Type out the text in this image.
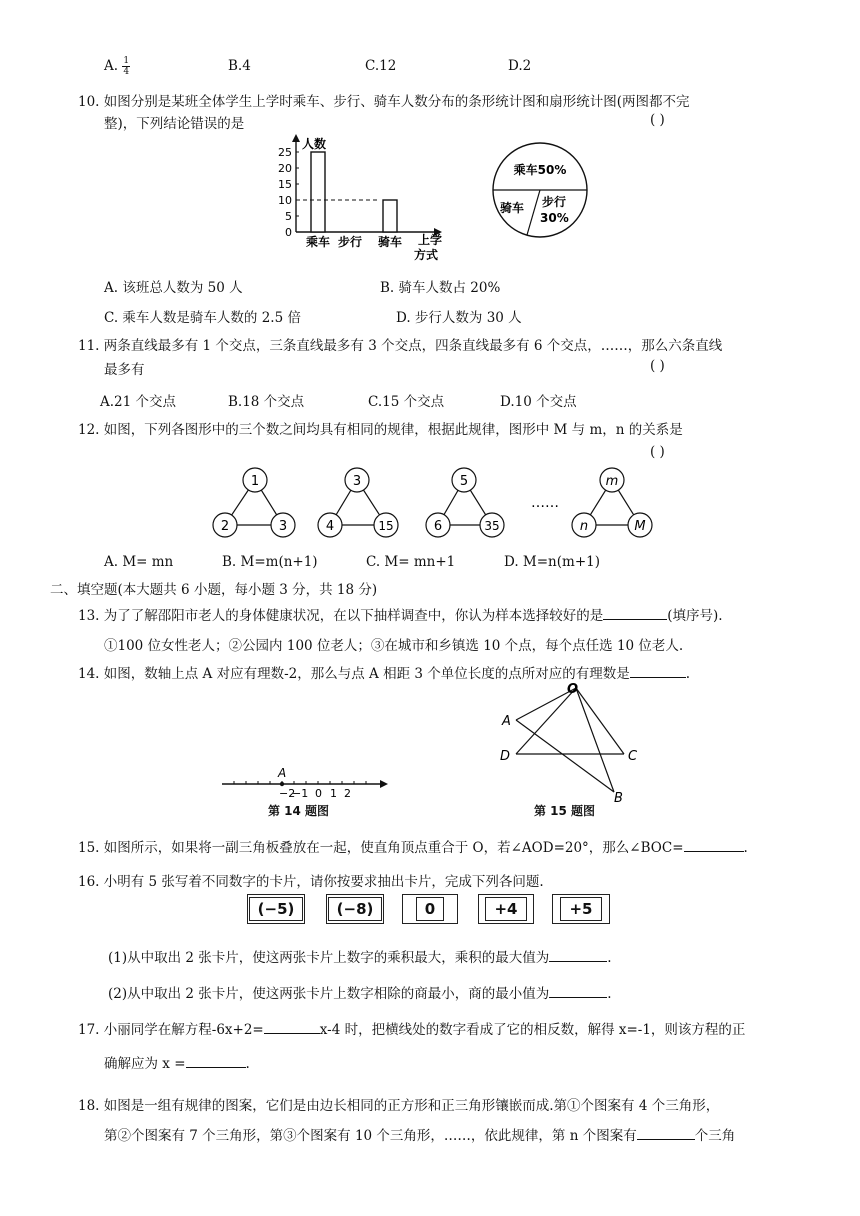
A. $\frac{1}{4}$	B.4	C.12	D.2
10. 如图分别是某班全体学生上学时乘车、步行、骑车人数分布的条形统计图和扇形统计图(两图都不完
整)，下列结论错误的是	( )
人数
0
5
10
15
20
25
乘车 步行 骑车 上学
方式
乘车50%
骑车 步行
30%
A. 该班总人数为 50 人	B. 骑车人数占 20%
C. 乘车人数是骑车人数的 2.5 倍	D. 步行人数为 30 人
11. 两条直线最多有 1 个交点，三条直线最多有 3 个交点，四条直线最多有 6 个交点，……，那么六条直线
最多有	( )
A.21 个交点	B.18 个交点	C.15 个交点	D.10 个交点
12. 如图，下列各图形中的三个数之间均具有相同的规律，根据此规律，图形中 M 与 m，n 的关系是
( )
1
2	3
3
4	15
5
6	35
……
m
n	M
A. M= mn	B. M=m(n+1)	C. M= mn+1	D. M=n(m+1)
二、填空题(本大题共 6 小题，每小题 3 分，共 18 分)
13. 为了了解邵阳市老人的身体健康状况，在以下抽样调查中，你认为样本选择较好的是	(填序号).
①100 位女性老人；②公园内 100 位老人；③在城市和乡镇选 10 个点，每个点任选 10 位老人.
14. 如图，数轴上点 A 对应有理数-2，那么与点 A 相距 3 个单位长度的点所对应的有理数是	.
A
−2
−1 0 1 2
第 14 题图
O
A
D	C
B
第 15 题图
15. 如图所示，如果将一副三角板叠放在一起，使直角顶点重合于 O，若∠AOD=20°，那么∠BOC=	.
16. 小明有 5 张写着不同数字的卡片，请你按要求抽出卡片，完成下列各问题.
(−5)	(−8)	0	+4	+5
(1)从中取出 2 张卡片，使这两张卡片上数字的乘积最大，乘积的最大值为	.
(2)从中取出 2 张卡片，使这两张卡片上数字相除的商最小，商的最小值为	.
17. 小丽同学在解方程-6x+2=	x-4 时，把横线处的数字看成了它的相反数，解得 x=-1，则该方程的正
确解应为 x =	.
18. 如图是一组有规律的图案，它们是由边长相同的正方形和正三角形镶嵌而成.第①个图案有 4 个三角形，
第②个图案有 7 个三角形，第③个图案有 10 个三角形，……，依此规律，第 n 个图案有	个三角
